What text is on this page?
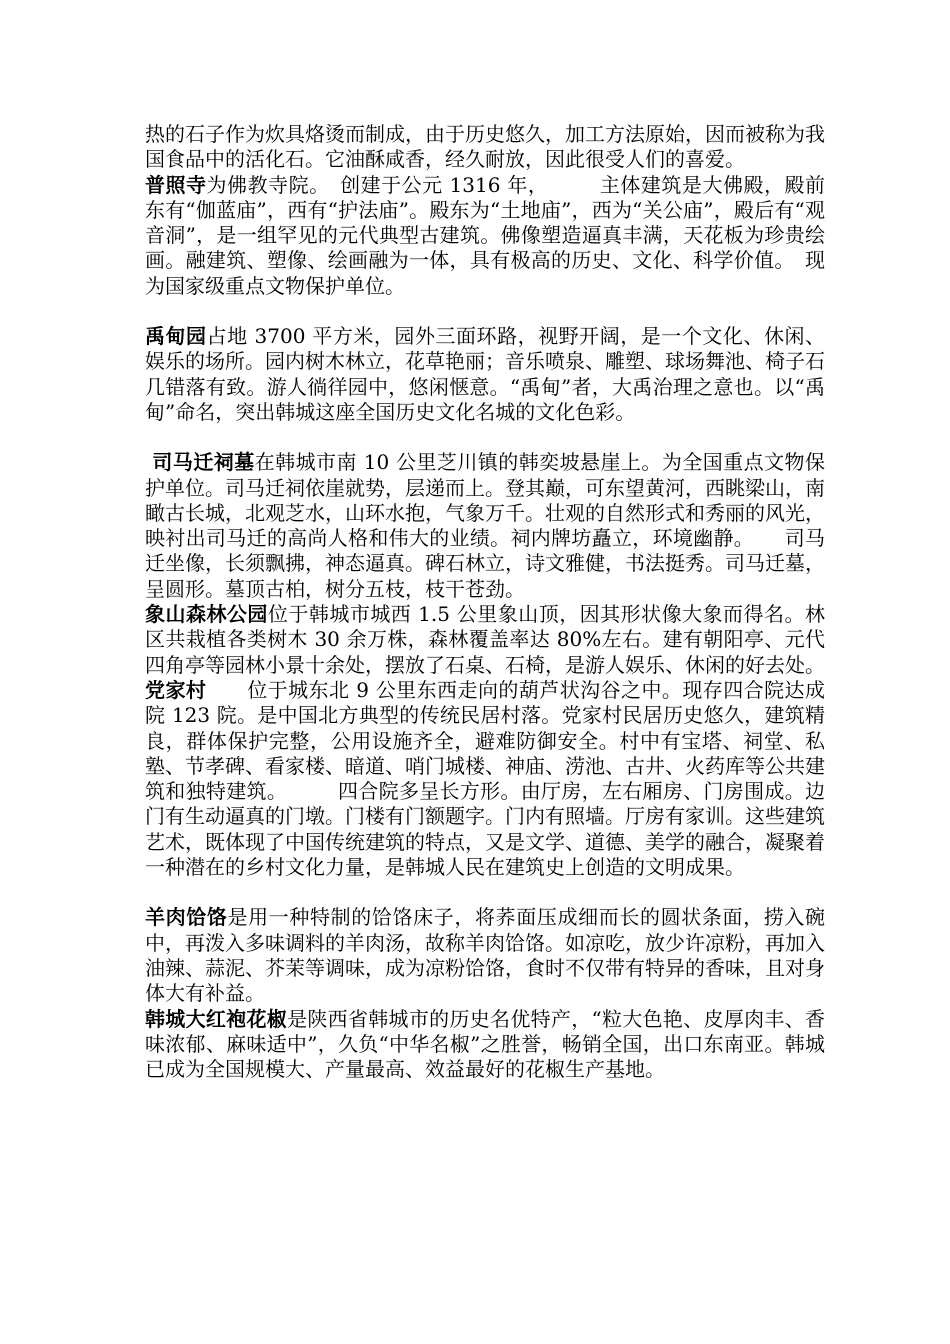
热的石子作为炊具烙烫而制成，由于历史悠久，加工方法原始，因而被称为我国食品中的活化石。它油酥咸香，经久耐放，因此很受人们的喜爱。

普照寺为佛教寺院。　创建于公元 1316 年，　　　主体建筑是大佛殿，殿前东有“伽蓝庙”，西有“护法庙”。殿东为“土地庙”，西为“关公庙”，殿后有“观音洞”，是一组罕见的元代典型古建筑。佛像塑造逼真丰满，天花板为珍贵绘画。融建筑、塑像、绘画融为一体，具有极高的历史、文化、科学价值。　现为国家级重点文物保护单位。

禹甸园占地 3700 平方米，园外三面环路，视野开阔，是一个文化、休闲、娱乐的场所。园内树木林立，花草艳丽；音乐喷泉、雕塑、球场舞池、椅子石几错落有致。游人徜徉园中，悠闲惬意。“禹甸”者，大禹治理之意也。以“禹甸”命名，突出韩城这座全国历史文化名城的文化色彩。

司马迁祠墓在韩城市南 10 公里芝川镇的韩奕坡悬崖上。为全国重点文物保护单位。司马迁祠依崖就势，层递而上。登其巅，可东望黄河，西眺梁山，南瞰古长城，北观芝水，山环水抱，气象万千。壮观的自然形式和秀丽的风光，映衬出司马迁的高尚人格和伟大的业绩。祠内牌坊矗立，环境幽静。　　司马迁坐像，长须飘拂，神态逼真。碑石林立，诗文雅健，书法挺秀。司马迁墓，呈圆形。墓顶古柏，树分五枝，枝干苍劲。

象山森林公园位于韩城市城西 1.5 公里象山顶，因其形状像大象而得名。林区共栽植各类树木 30 余万株，森林覆盖率达 80%左右。建有朝阳亭、元代四角亭等园林小景十余处，摆放了石桌、石椅，是游人娱乐、休闲的好去处。

党家村　　位于城东北 9 公里东西走向的葫芦状沟谷之中。现存四合院达成院 123 院。是中国北方典型的传统民居村落。党家村民居历史悠久，建筑精良，群体保护完整，公用设施齐全，避难防御安全。村中有宝塔、祠堂、私塾、节孝碑、看家楼、暗道、哨门城楼、神庙、涝池、古井、火药库等公共建筑和独特建筑。　　　四合院多呈长方形。由厅房，左右厢房、门房围成。边门有生动逼真的门墩。门楼有门额题字。门内有照墙。厅房有家训。这些建筑艺术，既体现了中国传统建筑的特点，又是文学、道德、美学的融合，凝聚着一种潜在的乡村文化力量，是韩城人民在建筑史上创造的文明成果。

羊肉饸饹是用一种特制的饸饹床子，将荞面压成细而长的圆状条面，捞入碗中，再泼入多味调料的羊肉汤，故称羊肉饸饹。如凉吃，放少许凉粉，再加入油辣、蒜泥、芥茉等调味，成为凉粉饸饹，食时不仅带有特异的香味，且对身体大有补益。

韩城大红袍花椒是陕西省韩城市的历史名优特产，“粒大色艳、皮厚肉丰、香味浓郁、麻味适中”，久负“中华名椒”之胜誉，畅销全国，出口东南亚。韩城已成为全国规模大、产量最高、效益最好的花椒生产基地。
